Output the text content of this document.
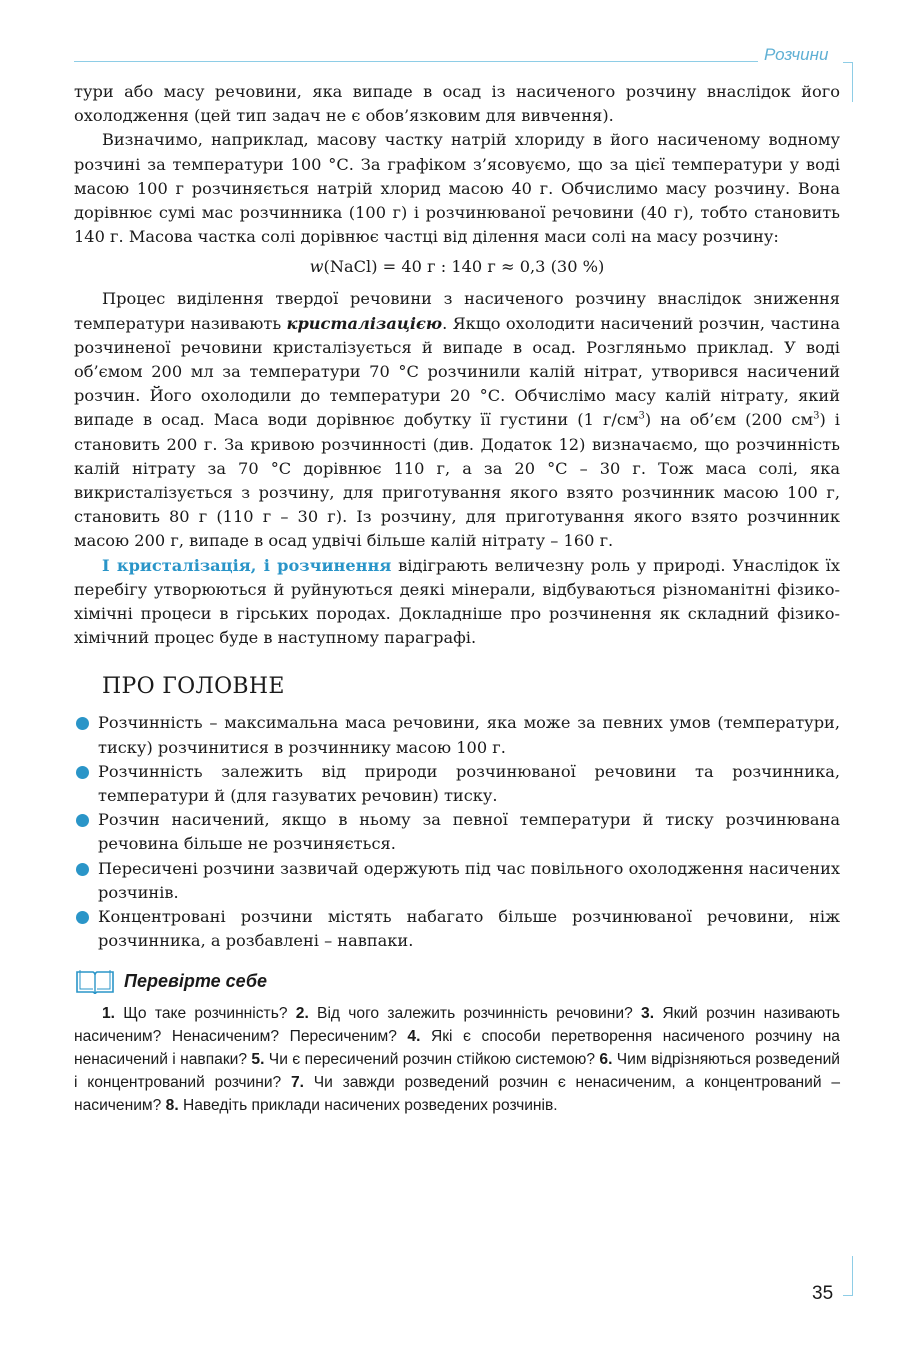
Розчини

тури або масу речовини, яка випаде в осад із насиченого розчину внаслідок його охолодження (цей тип задач не є обов’язковим для вивчення).

Визначимо, наприклад, масову частку натрій хлориду в його насиченому водному розчині за температури 100 °С. За графіком з’ясовуємо, що за цієї температури у воді масою 100 г розчиняється натрій хлорид масою 40 г. Обчислимо масу розчину. Вона дорівнює сумі мас розчинника (100 г) і розчинюваної речовини (40 г), тобто становить 140 г. Масова частка солі дорівнює частці від ділення маси солі на масу розчину:

w(NaCl) = 40 г : 140 г ≈ 0,3 (30 %)

Процес виділення твердої речовини з насиченого розчину внаслідок зниження температури називають кристалізацією. Якщо охолодити насичений розчин, частина розчиненої речовини кристалізується й випаде в осад. Розгляньмо приклад. У воді об’ємом 200 мл за температури 70 °С розчинили калій нітрат, утворився насичений розчин. Його охолодили до температури 20 °С. Обчислімо масу калій нітрату, який випаде в осад. Маса води дорівнює добутку її густини (1 $г/см^3$) на об’єм (200 $см^3$) і становить 200 г. За кривою розчинності (див. Додаток 12) визначаємо, що розчинність калій нітрату за 70 °С дорівнює 110 г, а за 20 °С – 30 г. Тож маса солі, яка викристалізується з розчину, для приготування якого взято розчинник масою 100 г, становить 80 г (110 г – 30 г). Із розчину, для приготування якого взято розчинник масою 200 г, випаде в осад удвічі більше калій нітрату – 160 г.

І кристалізація, і розчинення відіграють величезну роль у природі. Унаслідок їх перебігу утворюються й руйнуються деякі мінерали, відбуваються різноманітні фізико-хімічні процеси в гірських породах. Докладніше про розчинення як складний фізико-хімічний процес буде в наступному параграфі.

ПРО ГОЛОВНЕ
Розчинність – максимальна маса речовини, яка може за певних умов (температури, тиску) розчинитися в розчиннику масою 100 г.
Розчинність залежить від природи розчинюваної речовини та розчинника, температури й (для газуватих речовин) тиску.
Розчин насичений, якщо в ньому за певної температури й тиску розчинювана речовина більше не розчиняється.
Пересичені розчини зазвичай одержують під час повільного охолодження насичених розчинів.
Концентровані розчини містять набагато більше розчинюваної речовини, ніж розчинника, а розбавлені – навпаки.
Перевірте себе
1. Що таке розчинність? 2. Від чого залежить розчинність речовини? 3. Який розчин називають насиченим? Ненасиченим? Пересиченим? 4. Які є способи перетворення насиченого розчину на ненасичений і навпаки? 5. Чи є пересичений розчин стійкою системою? 6. Чим відрізняються розведений і концентрований розчини? 7. Чи завжди розведений розчин є ненасиченим, а концентрований – насиченим? 8. Наведіть приклади насичених розведених розчинів.
35
